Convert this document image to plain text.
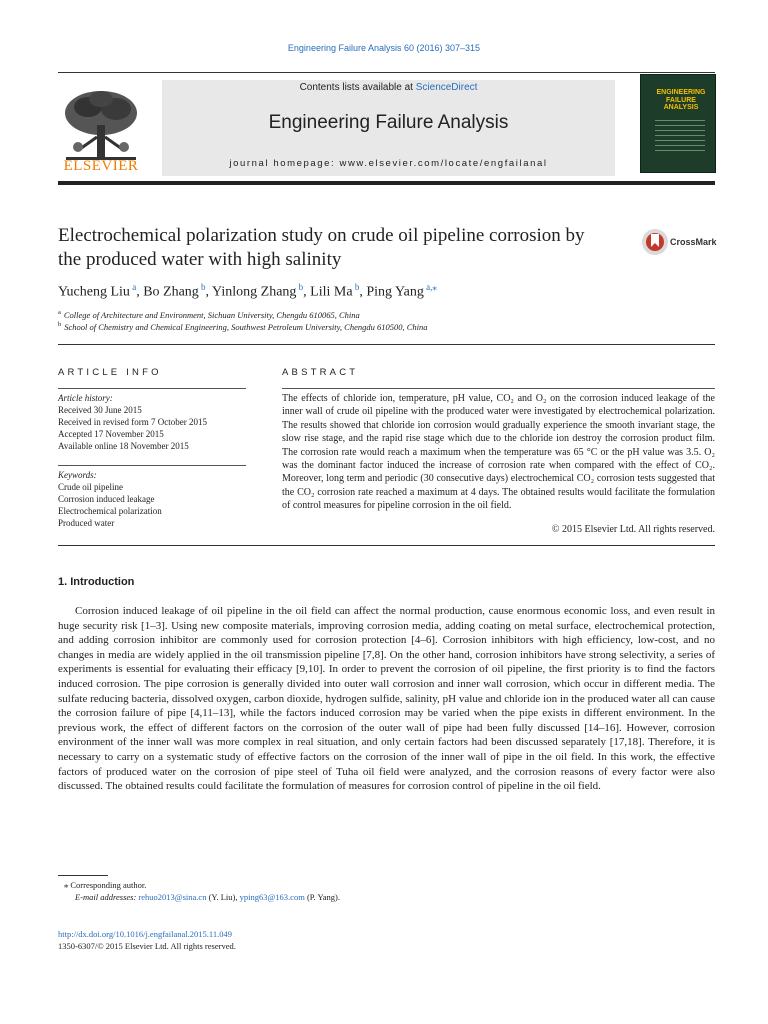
Engineering Failure Analysis 60 (2016) 307–315
ELSEVIER
Contents lists available at ScienceDirect
Engineering Failure Analysis
journal homepage: www.elsevier.com/locate/engfailanal
ENGINEERING FAILURE ANALYSIS
Electrochemical polarization study on crude oil pipeline corrosion by the produced water with high salinity
CrossMark
Yucheng Liu $^a$, Bo Zhang $^b$, Yinlong Zhang $^b$, Lili Ma $^b$, Ping Yang $^{a,⁎}$
$^a$ College of Architecture and Environment, Sichuan University, Chengdu 610065, China
$^b$ School of Chemistry and Chemical Engineering, Southwest Petroleum University, Chengdu 610500, China
ARTICLE INFO	ABSTRACT
Article history:
Received 30 June 2015
Received in revised form 7 October 2015
Accepted 17 November 2015
Available online 18 November 2015
Keywords:
Crude oil pipeline
Corrosion induced leakage
Electrochemical polarization
Produced water

The effects of chloride ion, temperature, pH value, CO₂ and O₂ on the corrosion induced leakage of the inner wall of crude oil pipeline with the produced water were investigated by electrochemical polarization. The results showed that chloride ion corrosion would gradually experience the smooth invariant stage, the slow rise stage, and the rapid rise stage which due to the chloride ion destroy the corrosion product film. The corrosion rate would reach a maximum when the temperature was 65 °C or the pH value was 3.5. O₂ was the dominant factor induced the increase of corrosion rate when compared with the effect of CO₂. Moreover, long term and periodic (30 consecutive days) electrochemical CO₂ corrosion tests suggested that the CO₂ corrosion rate reached a maximum at 4 days. The obtained results would facilitate the formulation of control measures for pipeline corrosion in the oil field.

© 2015 Elsevier Ltd. All rights reserved.
1. Introduction

Corrosion induced leakage of oil pipeline in the oil field can affect the normal production, cause enormous economic loss, and even result in huge security risk [1–3]. Using new composite materials, improving corrosion media, adding coating on metal surface, electrochemical protection, and adding corrosion inhibitor are commonly used for corrosion protection [4–6]. Corrosion inhibitors with high efficiency, low-cost, and no changes in media are widely applied in the oil transmission pipeline [7,8]. On the other hand, corrosion inhibitors have strong selectivity, a series of experiments is essential for evaluating their efficacy [9,10]. In order to prevent the corrosion of oil pipeline, the first priority is to find the factors induced corrosion. The pipe corrosion is generally divided into outer wall corrosion and inner wall corrosion, which occur in different media. The sulfate reducing bacteria, dissolved oxygen, carbon dioxide, hydrogen sulfide, salinity, pH value and chloride ion in the produced water all can cause the corrosion failure of pipe [4,11–13], while the factors induced corrosion may be varied when the pipe exists in different environment. In the previous work, the effect of different factors on the corrosion of the outer wall of pipe had been fully discussed [14–16]. However, corrosion environment of the inner wall was more complex in real situation, and only certain factors had been discussed separately [17,18]. Therefore, it is necessary to carry on a systematic study of effective factors on the corrosion of the inner wall of pipe in the oil field. In this work, the effective factors of produced water on the corrosion of pipe steel of Tuha oil field were analyzed, and the corrosion reasons of every factor were also discussed. The obtained results could facilitate the formulation of measures for corrosion control of pipeline in the oil field.

⁎ Corresponding author.
E-mail addresses: rehuo2013@sina.cn (Y. Liu), yping63@163.com (P. Yang).
http://dx.doi.org/10.1016/j.engfailanal.2015.11.049
1350-6307/© 2015 Elsevier Ltd. All rights reserved.
